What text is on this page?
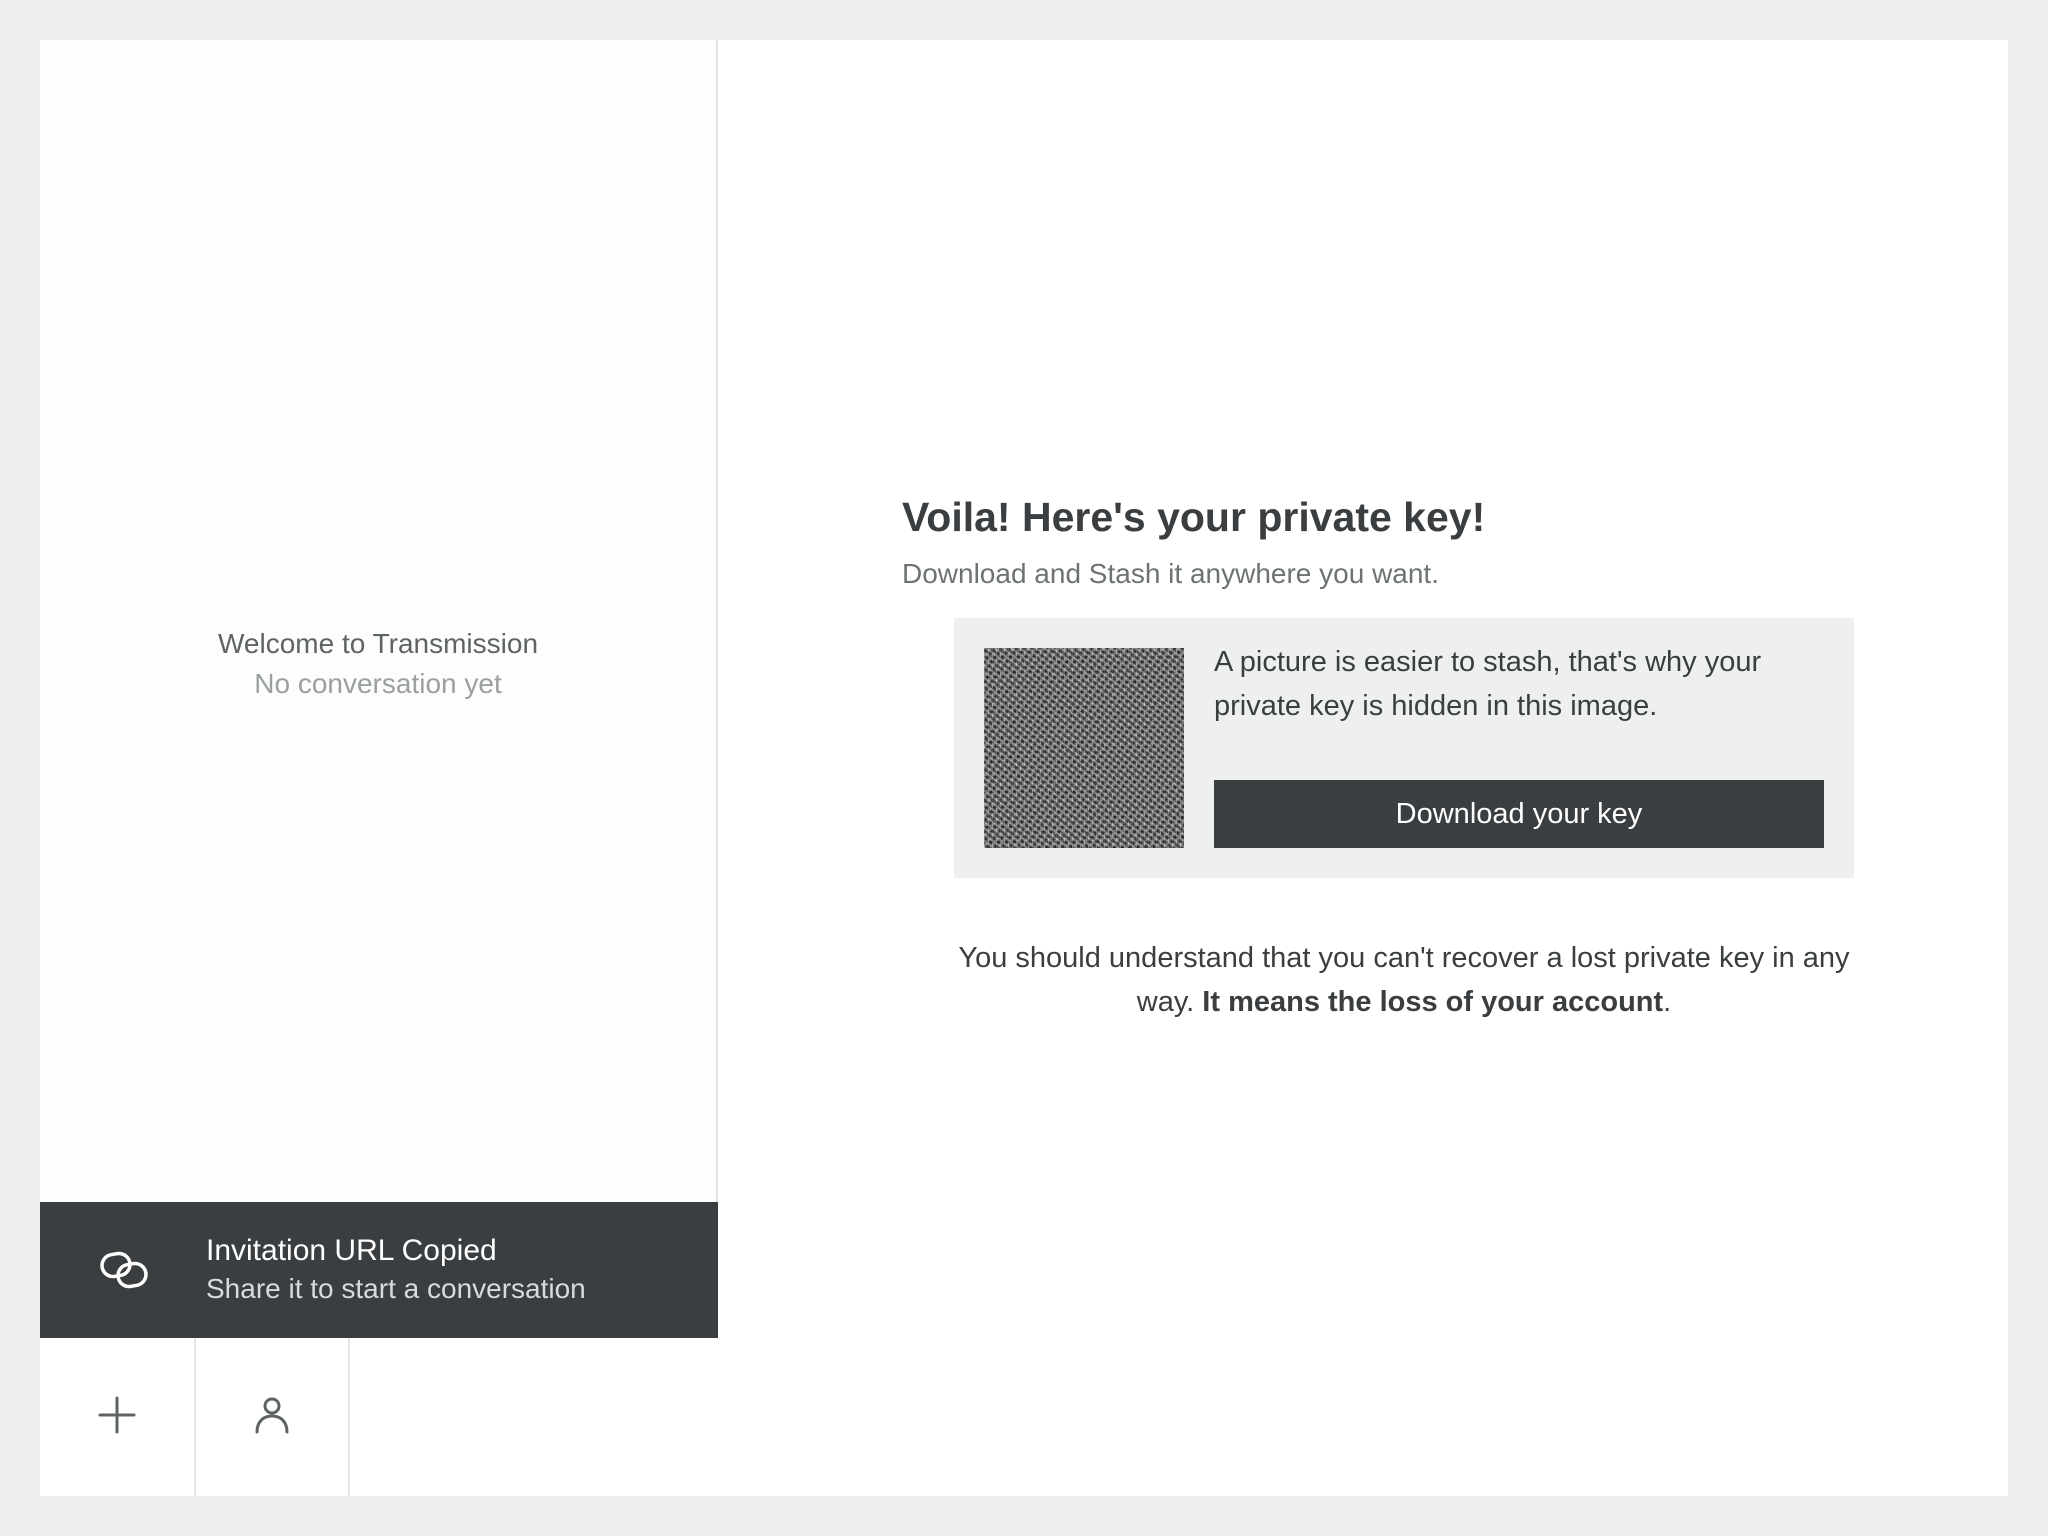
Welcome to Transmission
No conversation yet
Invitation URL Copied
Share it to start a conversation
Voila! Here's your private key!
Download and Stash it anywhere you want.
A picture is easier to stash, that's why your private key is hidden in this image.
Download your key
You should understand that you can't recover a lost private key in any way. It means the loss of your account.
